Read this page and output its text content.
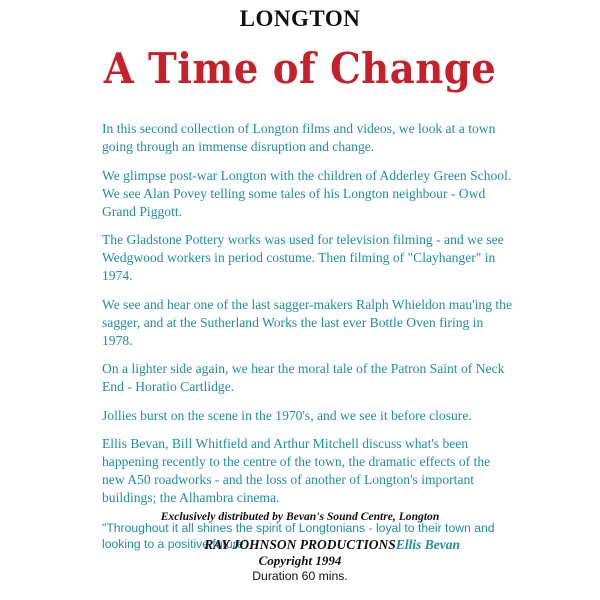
LONGTON
A Time of Change

In this second collection of Longton films and videos, we look at a town going through an immense disruption and change.

We glimpse post-war Longton with the children of Adderley Green School. We see Alan Povey telling some tales of his Longton neighbour - Owd Grand Piggott.

The Gladstone Pottery works was used for television filming - and we see Wedgwood workers in period costume. Then filming of "Clayhanger" in 1974.

We see and hear one of the last sagger-makers Ralph Whieldon mau'ing the sagger, and at the Sutherland Works the last ever Bottle Oven firing in 1978.

On a lighter side again, we hear the moral tale of the Patron Saint of Neck End - Horatio Cartlidge.

Jollies burst on the scene in the 1970's, and we see it before closure.

Ellis Bevan, Bill Whitfield and Arthur Mitchell discuss what's been happening recently to the centre of the town, the dramatic effects of the new A50 roadworks - and the loss of another of Longton's important buildings; the Alhambra cinema.

"Throughout it all shines the spirit of Longtonians - loyal to their town and looking to a positive future"	Ellis Bevan
Exclusively distributed by Bevan's Sound Centre, Longton
RAY JOHNSON PRODUCTIONS
Copyright 1994
Duration 60 mins.
